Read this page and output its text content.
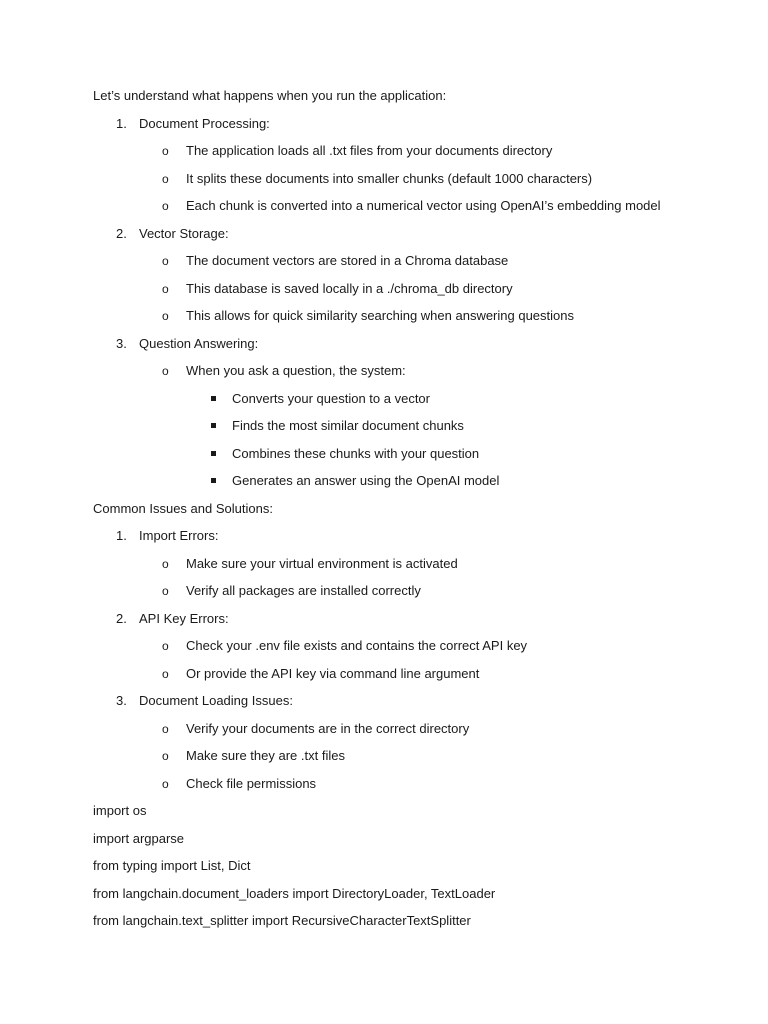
Let’s understand what happens when you run the application:
1. Document Processing:
o The application loads all .txt files from your documents directory
o It splits these documents into smaller chunks (default 1000 characters)
o Each chunk is converted into a numerical vector using OpenAI’s embedding model
2. Vector Storage:
o The document vectors are stored in a Chroma database
o This database is saved locally in a ./chroma_db directory
o This allows for quick similarity searching when answering questions
3. Question Answering:
o When you ask a question, the system:
Converts your question to a vector
Finds the most similar document chunks
Combines these chunks with your question
Generates an answer using the OpenAI model
Common Issues and Solutions:
1. Import Errors:
o Make sure your virtual environment is activated
o Verify all packages are installed correctly
2. API Key Errors:
o Check your .env file exists and contains the correct API key
o Or provide the API key via command line argument
3. Document Loading Issues:
o Verify your documents are in the correct directory
o Make sure they are .txt files
o Check file permissions
import os
import argparse
from typing import List, Dict
from langchain.document_loaders import DirectoryLoader, TextLoader
from langchain.text_splitter import RecursiveCharacterTextSplitter
